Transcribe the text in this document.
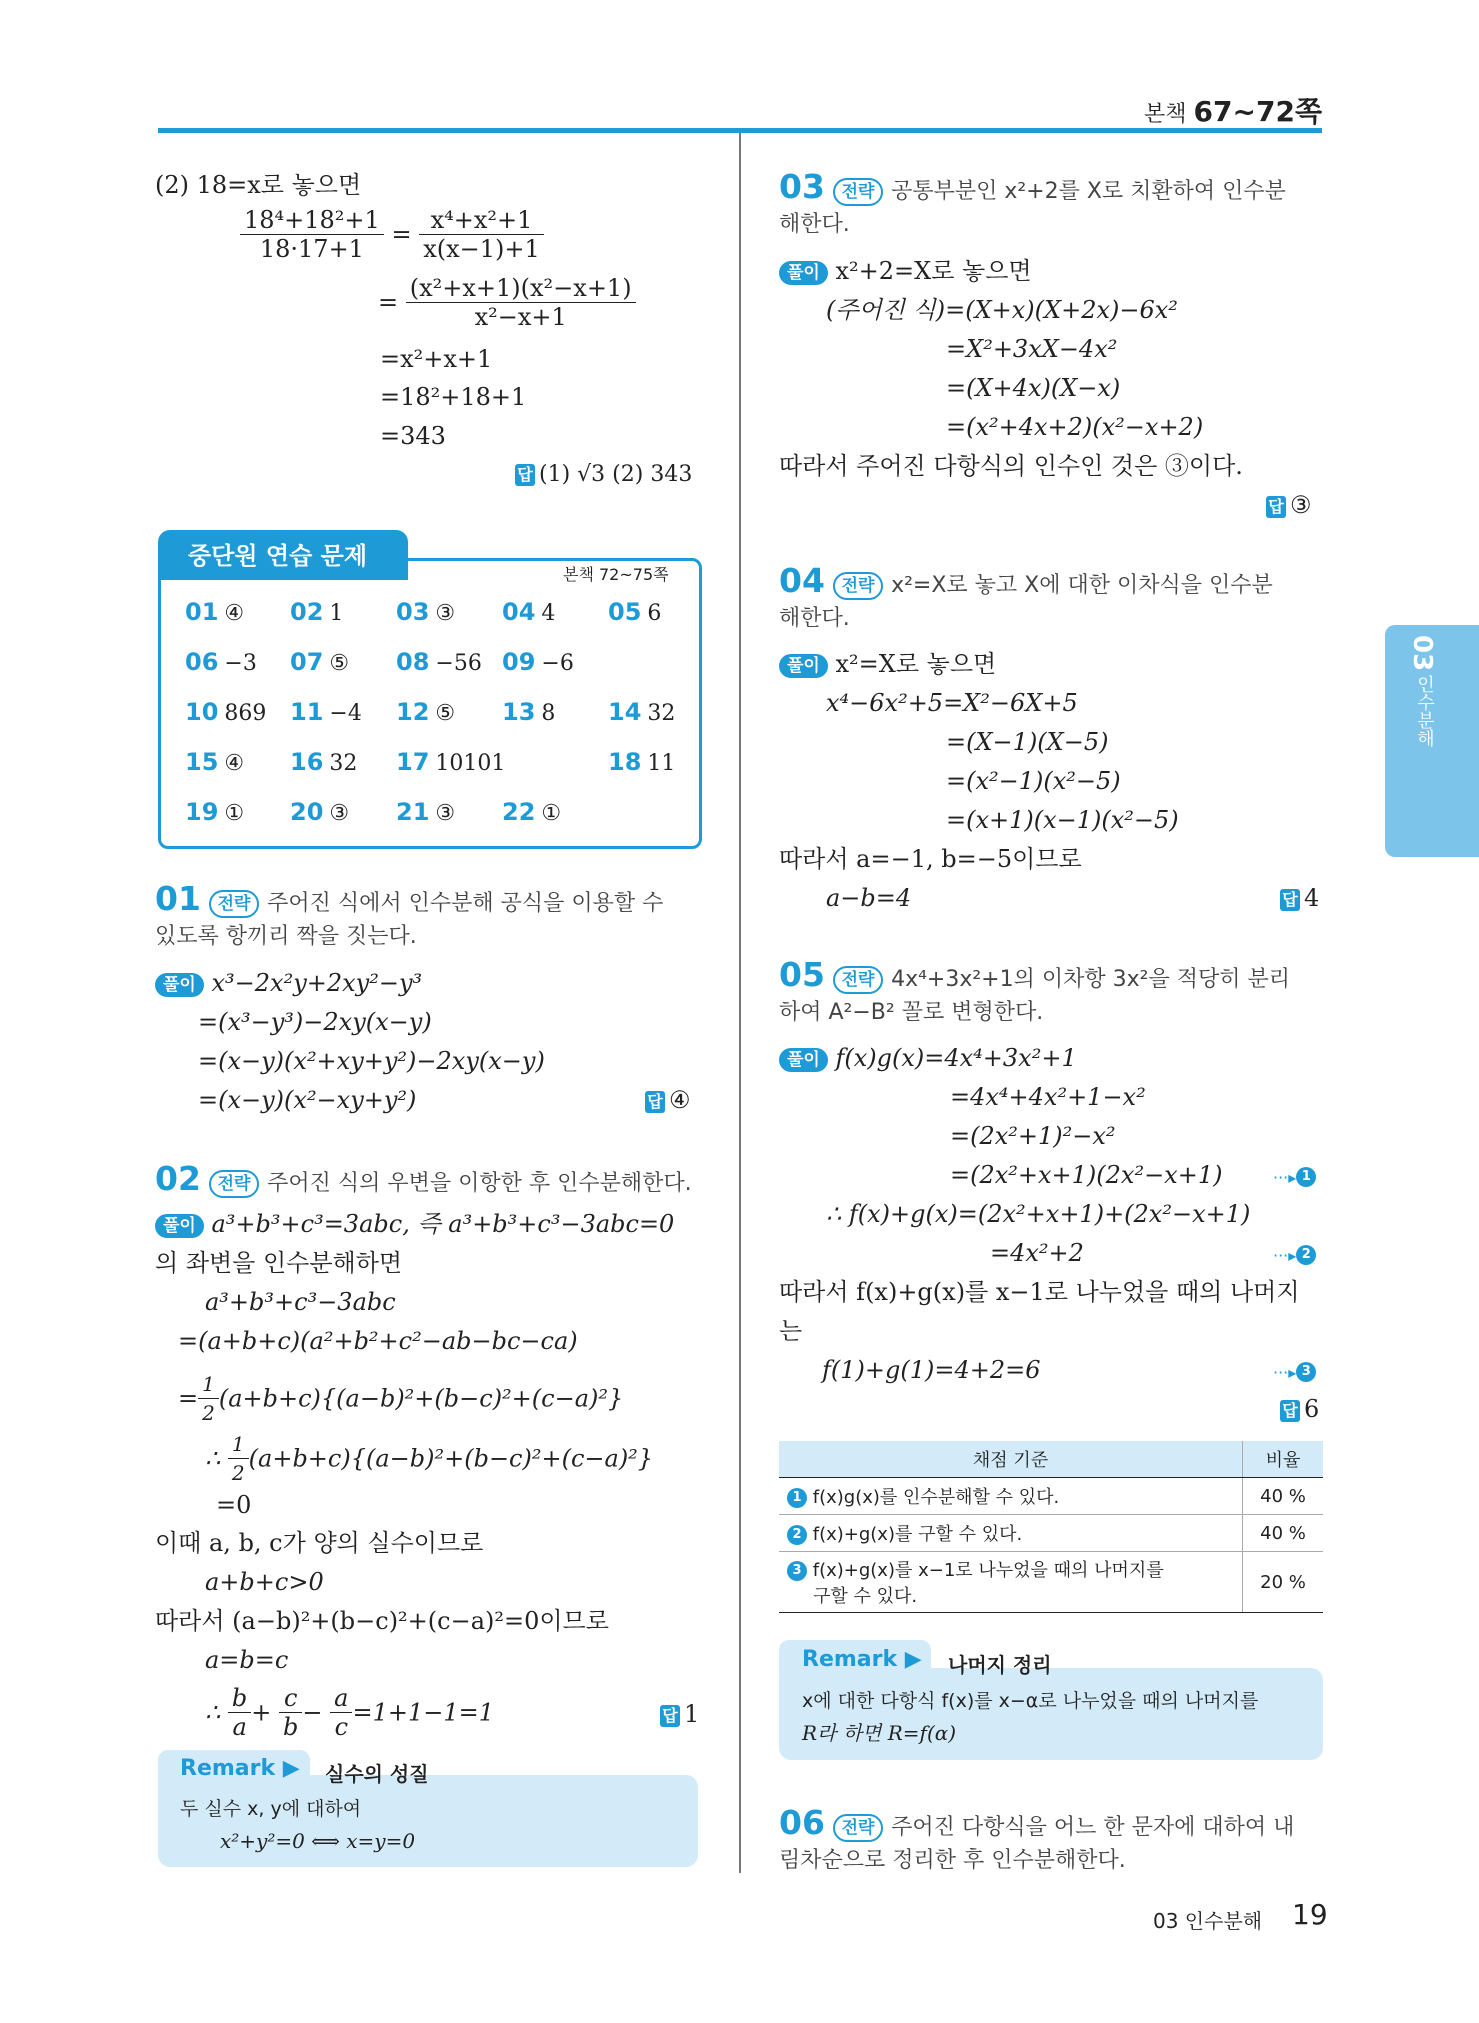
본책 67~72쪽
03
인수분해
(2) 18=x로 놓으면
$\frac{\text{18⁴+18²+1}}{18\cdot 17+1} = \frac{\text{x⁴+x²+1}}{x(x-1)+1}$
= $\frac{\text{(x²+x+1)(x²−x+1)}}{\text{x²−x+1}}$
=x²+x+1
=18²+18+1
=343
답 (1) √3 (2) 343
중단원 연습 문제
본책 72~75쪽
01 ④ 02 1 03 ③ 04 4 05 6
06 −3 07 ⑤ 08 −56 09 −6
10 869 11 −4 12 ⑤ 13 8 14 32
15 ④ 16 32 17 10101	18 11
19 ① 20 ③ 21 ③ 22 ①
01 전략 주어진 식에서 인수분해 공식을 이용할 수
있도록 항끼리 짝을 짓는다.
풀이 x³−2x²y+2xy²−y³
=(x³−y³)−2xy(x−y)
=(x−y)(x²+xy+y²)−2xy(x−y)
=(x−y)(x²−xy+y²)	답 ④
02 전략 주어진 식의 우변을 이항한 후 인수분해한다.
풀이 a³+b³+c³=3abc, 즉 a³+b³+c³−3abc=0
의 좌변을 인수분해하면
a³+b³+c³−3abc
=(a+b+c)(a²+b²+c²−ab−bc−ca)
= $\frac{1}{2} (a+b+c)\{(a-b)^2+(b-c)^2+(c-a)^2\}$
∴ $\frac{1}{2} (a+b+c)\{(a-b)^2+(b-c)^2+(c-a)^2\}$
=0
이때 a, b, c가 양의 실수이므로
a+b+c>0
따라서 (a−b)²+(b−c)²+(c−a)²=0이므로
a=b=c
∴ $\frac{b}{a} + \frac{c}{b} - \frac{a}{c} =1+1-1=1$	답 1
Remark ▶ 실수의 성질
두 실수 x, y에 대하여
x²+y²=0 ⟺ x=y=0
03 전략 공통부분인 x²+2를 X로 치환하여 인수분
해한다.
풀이 x²+2=X로 놓으면
(주어진 식)=(X+x)(X+2x)−6x²
=X²+3xX−4x²
=(X+4x)(X−x)
=(x²+4x+2)(x²−x+2)
따라서 주어진 다항식의 인수인 것은 ③이다.
답 ③
04 전략 x²=X로 놓고 X에 대한 이차식을 인수분
해한다.
풀이 x²=X로 놓으면
x⁴−6x²+5=X²−6X+5
=(X−1)(X−5)
=(x²−1)(x²−5)
=(x+1)(x−1)(x²−5)
따라서 a=−1, b=−5이므로
a−b=4	답 4
05 전략 4x⁴+3x²+1의 이차항 3x²을 적당히 분리
하여 A²−B² 꼴로 변형한다.
풀이 f(x)g(x)=4x⁴+3x²+1
=4x⁴+4x²+1−x²
=(2x²+1)²−x²
=(2x²+x+1)(2x²−x+1)	···▸ 1
∴ f(x)+g(x)=(2x²+x+1)+(2x²−x+1)
=4x²+2	···▸ 2
따라서 f(x)+g(x)를 x−1로 나누었을 때의 나머지
는
f(1)+g(1)=4+2=6	···▸ 3
답 6
채점 기준	비율
1 f(x)g(x)를 인수분해할 수 있다.	40 %
2 f(x)+g(x)를 구할 수 있다.	40 %
3 f(x)+g(x)를 x−1로 나누었을 때의 나머지를
구할 수 있다.	20 %
Remark ▶ 나머지 정리
x에 대한 다항식 f(x)를 x−α로 나누었을 때의 나머지를
R라 하면 R=f(α)
06 전략 주어진 다항식을 어느 한 문자에 대하여 내
림차순으로 정리한 후 인수분해한다.
03 인수분해 19
